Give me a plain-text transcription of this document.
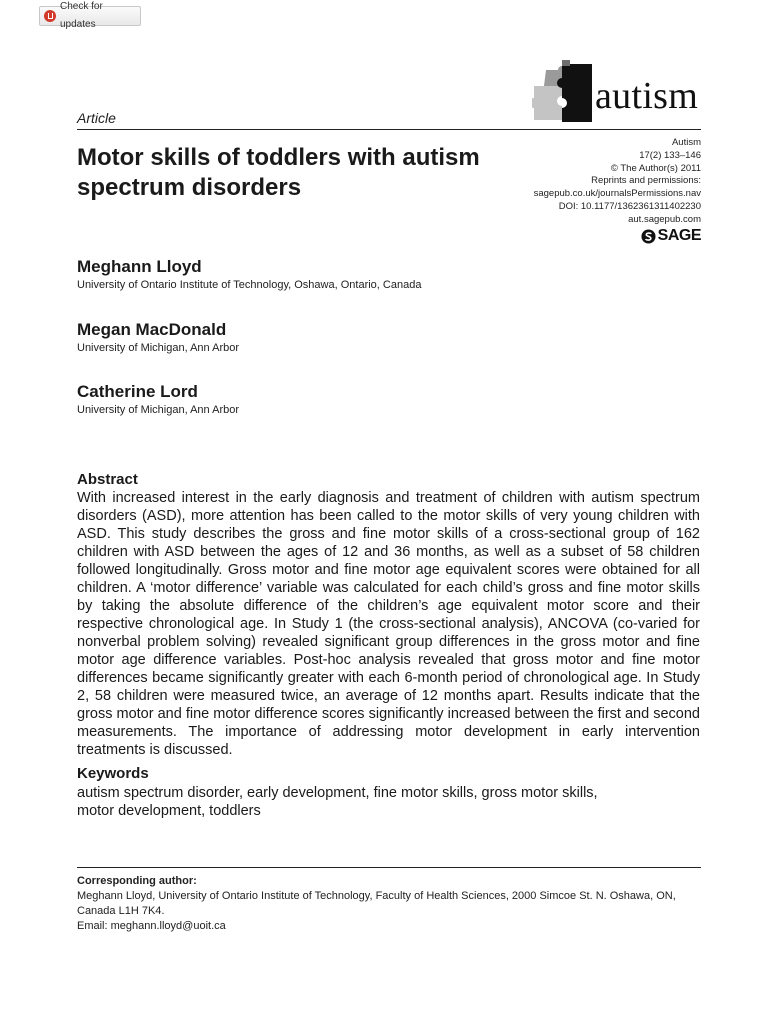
Check for updates
autism
Article
Motor skills of toddlers with autism spectrum disorders
Autism
17(2) 133–146
© The Author(s) 2011
Reprints and permissions:
sagepub.co.uk/journalsPermissions.nav
DOI: 10.1177/1362361311402230
aut.sagepub.com
SAGE
Meghann Lloyd
University of Ontario Institute of Technology, Oshawa, Ontario, Canada
Megan MacDonald
University of Michigan, Ann Arbor
Catherine Lord
University of Michigan, Ann Arbor
Abstract

With increased interest in the early diagnosis and treatment of children with autism spectrum disorders (ASD), more attention has been called to the motor skills of very young children with ASD. This study describes the gross and fine motor skills of a cross-sectional group of 162 children with ASD between the ages of 12 and 36 months, as well as a subset of 58 children followed longitudinally. Gross motor and fine motor age equivalent scores were obtained for all children. A ‘motor difference’ variable was calculated for each child’s gross and fine motor skills by taking the absolute difference of the children’s age equivalent motor score and their respective chronological age. In Study 1 (the cross-sectional analysis), ANCOVA (co-varied for nonverbal problem solving) revealed significant group differences in the gross motor and fine motor age difference variables. Post-hoc analysis revealed that gross motor and fine motor differences became significantly greater with each 6-month period of chronological age. In Study 2, 58 children were measured twice, an average of 12 months apart. Results indicate that the gross motor and fine motor difference scores significantly increased between the first and second measurements. The importance of addressing motor development in early intervention treatments is discussed.

Keywords

autism spectrum disorder, early development, fine motor skills, gross motor skills, motor development, toddlers

Corresponding author:
Meghann Lloyd, University of Ontario Institute of Technology, Faculty of Health Sciences, 2000 Simcoe St. N. Oshawa, ON, Canada L1H 7K4.
Email: meghann.lloyd@uoit.ca
